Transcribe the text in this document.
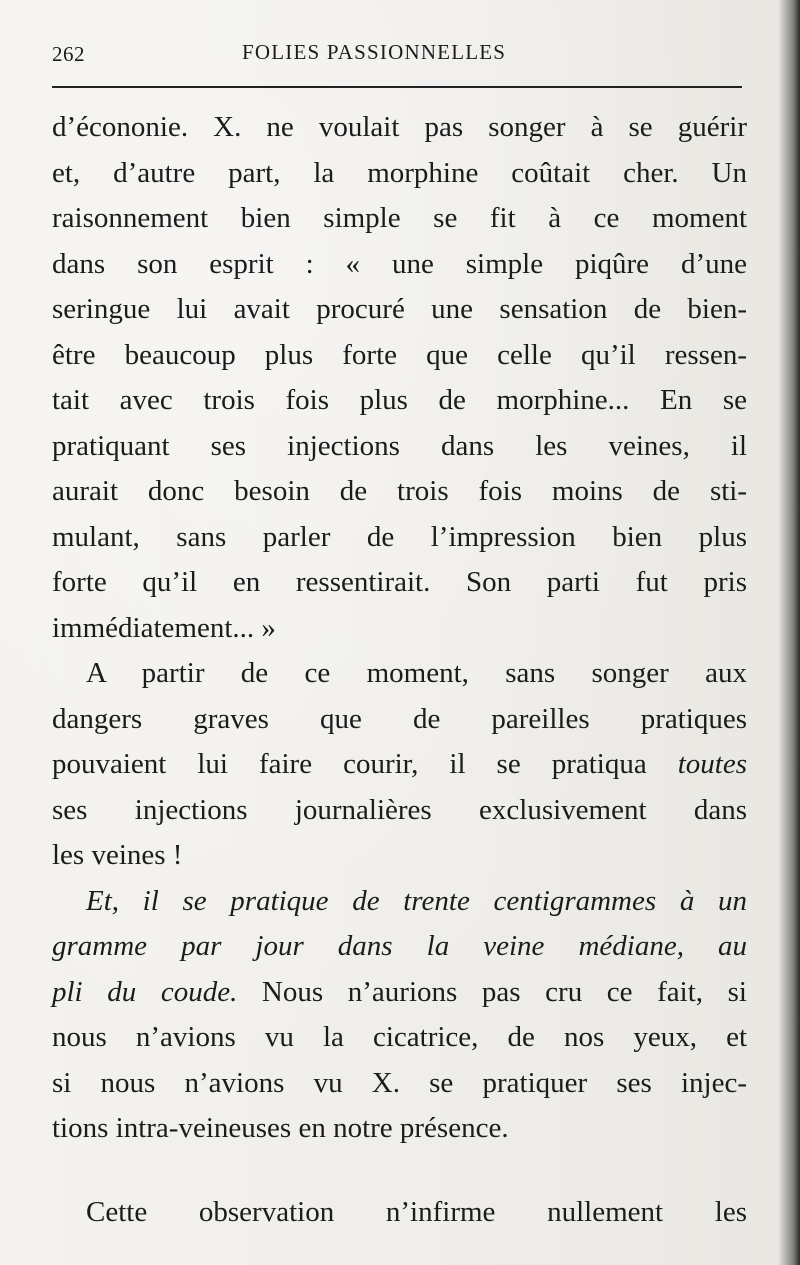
262	FOLIES PASSIONNELLES
d’écononie. X. ne voulait pas songer à se guérir
et, d’autre part, la morphine coûtait cher. Un
raisonnement bien simple se fit à ce moment
dans son esprit : « une simple piqûre d’une
seringue lui avait procuré une sensation de bien-
être beaucoup plus forte que celle qu’il ressen-
tait avec trois fois plus de morphine... En se
pratiquant ses injections dans les veines, il
aurait donc besoin de trois fois moins de sti-
mulant, sans parler de l’impression bien plus
forte qu’il en ressentirait. Son parti fut pris
immédiatement... »
A partir de ce moment, sans songer aux
dangers graves que de pareilles pratiques
pouvaient lui faire courir, il se pratiqua toutes
ses injections journalières exclusivement dans
les veines !
Et, il se pratique de trente centigrammes à un
gramme par jour dans la veine médiane, au
pli du coude. Nous n’aurions pas cru ce fait, si
nous n’avions vu la cicatrice, de nos yeux, et
si nous n’avions vu X. se pratiquer ses injec-
tions intra-veineuses en notre présence.
Cette observation n’infirme nullement les
